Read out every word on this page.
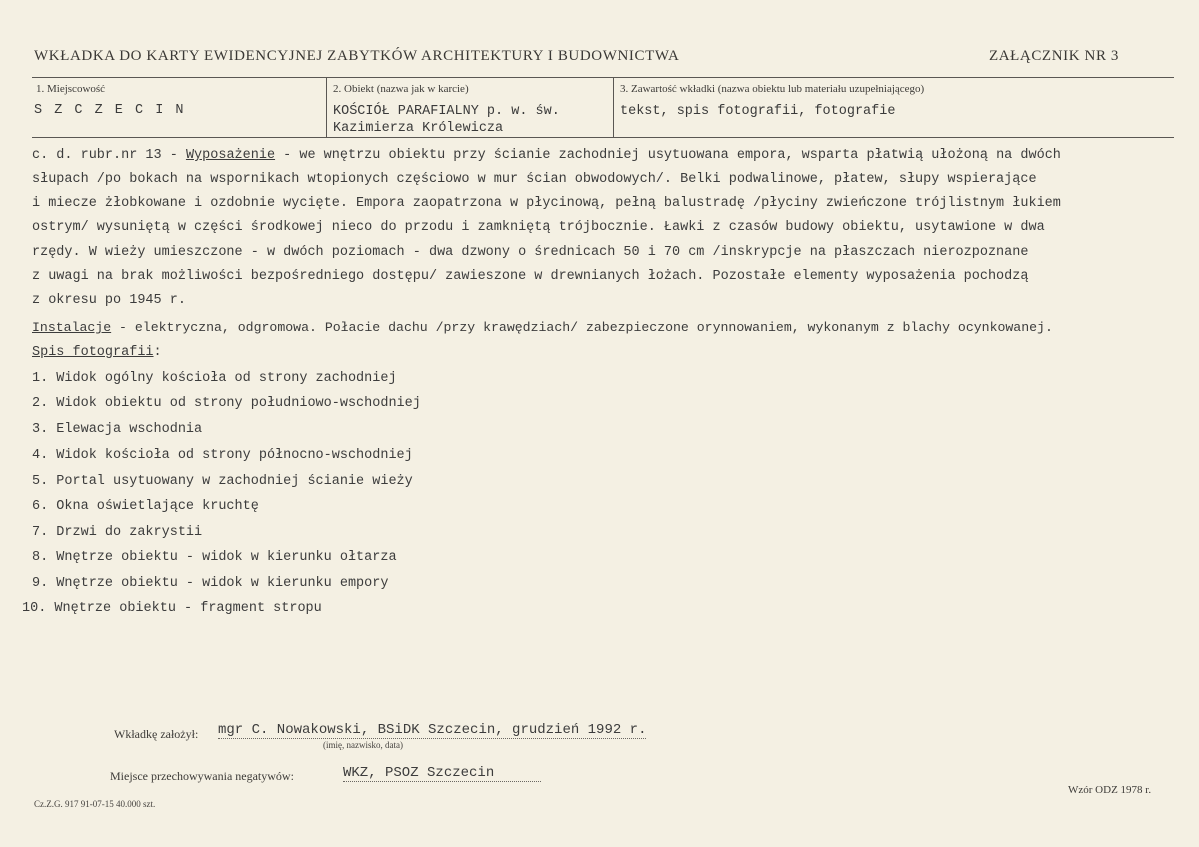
WKŁADKA DO KARTY EWIDENCYJNEJ ZABYTKÓW ARCHITEKTURY I BUDOWNICTWA	ZAŁĄCZNIK NR 3
1. Miejscowość
S Z C Z E C I N
2. Obiekt (nazwa jak w karcie)
KOŚCIÓŁ PARAFIALNY p. w. św.
Kazimierza Królewicza
3. Zawartość wkładki (nazwa obiektu lub materiału uzupełniającego)
tekst, spis fotografii, fotografie
c. d. rubr.nr 13 - Wyposażenie - we wnętrzu obiektu przy ścianie zachodniej usytuowana empora, wsparta płatwią ułożoną na dwóch
słupach /po bokach na wspornikach wtopionych częściowo w mur ścian obwodowych/. Belki podwalinowe, płatew, słupy wspierające
i miecze żłobkowane i ozdobnie wycięte. Empora zaopatrzona w płycinową, pełną balustradę /płyciny zwieńczone trójlistnym łukiem
ostrym/ wysuniętą w części środkowej nieco do przodu i zamkniętą trójbocznie. Ławki z czasów budowy obiektu, usytawione w dwa
rzędy. W wieży umieszczone - w dwóch poziomach - dwa dzwony o średnicach 50 i 70 cm /inskrypcje na płaszczach nierozpoznane
z uwagi na brak możliwości bezpośredniego dostępu/ zawieszone w drewnianych łożach. Pozostałe elementy wyposażenia pochodzą
z okresu po 1945 r.
Instalacje - elektryczna, odgromowa. Połacie dachu /przy krawędziach/ zabezpieczone orynnowaniem, wykonanym z blachy ocynkowanej.
Spis fotografii:
1. Widok ogólny kościoła od strony zachodniej
2. Widok obiektu od strony południowo-wschodniej
3. Elewacja wschodnia
4. Widok kościoła od strony północno-wschodniej
5. Portal usytuowany w zachodniej ścianie wieży
6. Okna oświetlające kruchtę
7. Drzwi do zakrystii
8. Wnętrze obiektu - widok w kierunku ołtarza
9. Wnętrze obiektu - widok w kierunku empory
10. Wnętrze obiektu - fragment stropu
Wkładkę założył: mgr C. Nowakowski, BSiDK Szczecin, grudzień 1992 r.
(imię, nazwisko, data)
Miejsce przechowywania negatywów:	WKZ, PSOZ Szczecin
Cz.Z.G. 917 91-07-15 40.000 szt.
Wzór ODZ 1978 r.
